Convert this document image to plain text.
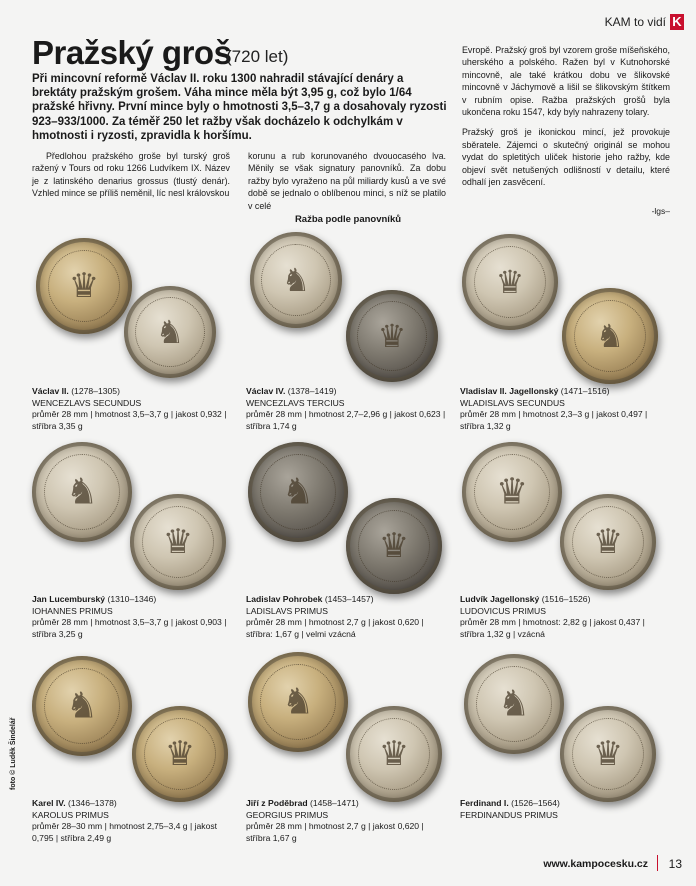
KAM to vidí K
Pražský groš
(720 let)
Při mincovní reformě Václav II. roku 1300 nahradil stávající denáry a brektáty pražským grošem. Váha mince měla být 3,95 g, což bylo 1/64 pražské hřivny. První mince byly o hmotnosti 3,5–3,7 g a dosahovaly ryzosti 923–933/1000. Za téměř 250 let ražby však docházelo k odchylkám v hmotnosti i ryzosti, zpravidla k horšímu.

Předlohou pražského groše byl turský groš ražený v Tours od roku 1266 Ludvíkem IX. Název je z latinského denarius grossus (tlustý denár). Vzhled mince se příliš neměnil, líc nesl královskou

korunu a rub korunovaného dvouocasého lva. Měnily se však signatury panovníků. Za dobu ražby bylo vyraženo na půl miliardy kusů a ve své době se jednalo o oblíbenou minci, s níž se platilo v celé

Evropě. Pražský groš byl vzorem groše míšeňského, uherského a polského. Ražen byl v Kutnohorské mincovně, ale také krátkou dobu ve šlikovské mincovně v Jáchymově a lišil se šlikovským štítkem v rubním opise. Ražba pražských grošů byla ukončena roku 1547, kdy byly nahrazeny tolary.

Pražský groš je ikonickou mincí, jež provokuje sběratele. Zájemci o skutečný originál se mohou vydat do spletitých uliček historie jeho ražby, kde objeví svět netušených odlišností v detailu, které odhalí jen zasvěcení.

-lgs–
Ražba podle panovníků
♛
♞
♞
♛
♛
♞
♞
♛
♞
♛
♛
♛
♞
♛
♞
♛
♞
♛
Václav II. (1278–1305)
WENCEZLAVS SECUNDUS
průměr 28 mm | hmotnost 3,5–3,7 g | jakost 0,932 | stříbra 3,35 g
Václav IV. (1378–1419)
WENCEZLAVS TERCIUS
průměr 28 mm | hmotnost 2,7–2,96 g | jakost 0,623 | stříbra 1,74 g
Vladislav II. Jagellonský (1471–1516)
WLADISLAVS SECUNDUS
průměr 28 mm | hmotnost 2,3–3 g | jakost 0,497 | stříbra 1,32 g
Jan Lucemburský (1310–1346)
IOHANNES PRIMUS
průměr 28 mm | hmotnost 3,5–3,7 g | jakost 0,903 | stříbra 3,25 g
Ladislav Pohrobek (1453–1457)
LADISLAVS PRIMUS
průměr 28 mm | hmotnost 2,7 g | jakost 0,620 | stříbra: 1,67 g | velmi vzácná
Ludvík Jagellonský (1516–1526)
LUDOVICUS PRIMUS
průměr 28 mm | hmotnost: 2,82 g | jakost 0,437 | stříbra 1,32 g | vzácná
Karel IV. (1346–1378)
KAROLUS PRIMUS
průměr 28–30 mm | hmotnost 2,75–3,4 g | jakost 0,795 | stříbra 2,49 g
Jiří z Poděbrad (1458–1471)
GEORGIUS PRIMUS
průměr 28 mm | hmotnost 2,7 g | jakost 0,620 | stříbra 1,67 g
Ferdinand I. (1526–1564)
FERDINANDUS PRIMUS
foto © Luděk Šindelář
www.kampocesku.cz 13
